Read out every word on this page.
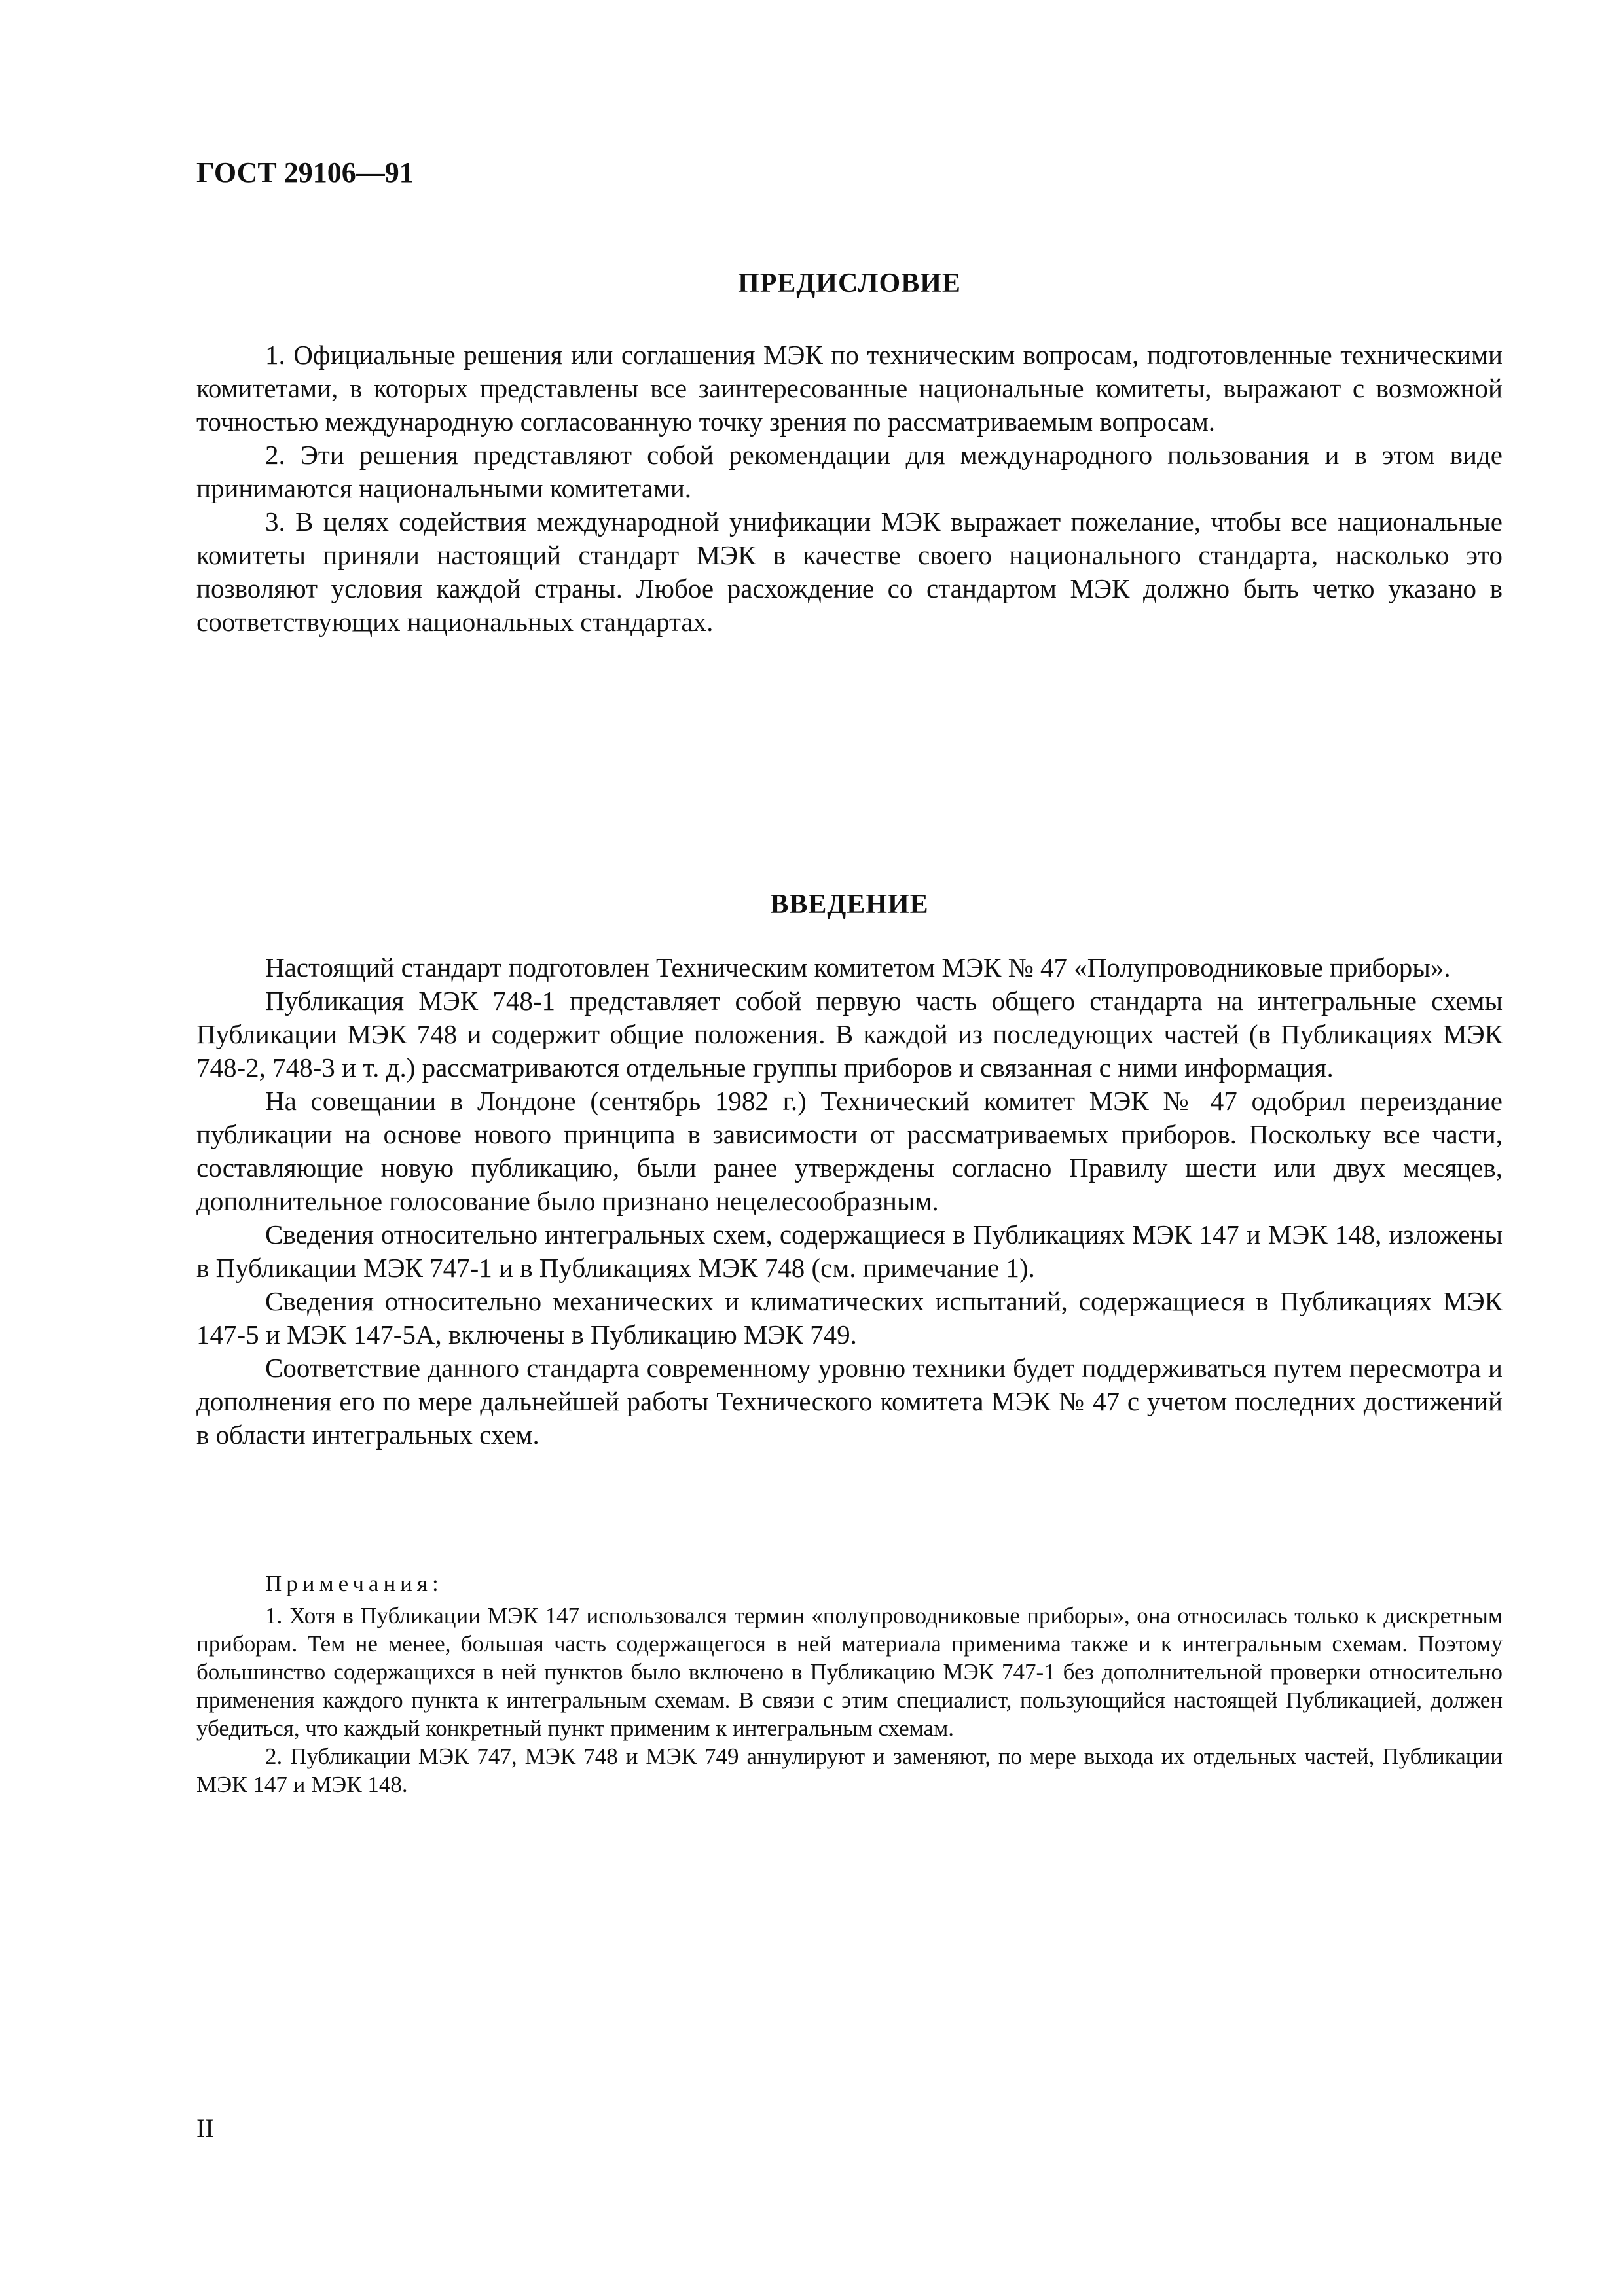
ГОСТ 29106—91

ПРЕДИСЛОВИЕ

1. Официальные решения или соглашения МЭК по техническим вопросам, подготовленные техническими комитетами, в которых представлены все заинтересованные национальные комитеты, выражают с возможной точностью международную согласованную точку зрения по рассматриваемым вопросам.

2. Эти решения представляют собой рекомендации для международного пользования и в этом виде принимаются национальными комитетами.

3. В целях содействия международной унификации МЭК выражает пожелание, чтобы все национальные комитеты приняли настоящий стандарт МЭК в качестве своего национального стандарта, насколько это позволяют условия каждой страны. Любое расхождение со стандартом МЭК должно быть четко указано в соответствующих национальных стандартах.

ВВЕДЕНИЕ

Настоящий стандарт подготовлен Техническим комитетом МЭК № 47 «Полупроводниковые приборы».

Публикация МЭК 748-1 представляет собой первую часть общего стандарта на интегральные схемы Публикации МЭК 748 и содержит общие положения. В каждой из последующих частей (в Публикациях МЭК 748-2, 748-3 и т. д.) рассматриваются отдельные группы приборов и связанная с ними информация.

На совещании в Лондоне (сентябрь 1982 г.) Технический комитет МЭК № 47 одобрил переиздание публикации на основе нового принципа в зависимости от рассматриваемых приборов. Поскольку все части, составляющие новую публикацию, были ранее утверждены согласно Правилу шести или двух месяцев, дополнительное голосование было признано нецелесообразным.

Сведения относительно интегральных схем, содержащиеся в Публикациях МЭК 147 и МЭК 148, изложены в Публикации МЭК 747-1 и в Публикациях МЭК 748 (см. примечание 1).

Сведения относительно механических и климатических испытаний, содержащиеся в Публикациях МЭК 147-5 и МЭК 147-5А, включены в Публикацию МЭК 749.

Соответствие данного стандарта современному уровню техники будет поддерживаться путем пересмотра и дополнения его по мере дальнейшей работы Технического комитета МЭК № 47 с учетом последних достижений в области интегральных схем.

Примечания:

1. Хотя в Публикации МЭК 147 использовался термин «полупроводниковые приборы», она относилась только к дискретным приборам. Тем не менее, большая часть содержащегося в ней материала применима также и к интегральным схемам. Поэтому большинство содержащихся в ней пунктов было включено в Публикацию МЭК 747-1 без дополнительной проверки относительно применения каждого пункта к интегральным схемам. В связи с этим специалист, пользующийся настоящей Публикацией, должен убедиться, что каждый конкретный пункт применим к интегральным схемам.

2. Публикации МЭК 747, МЭК 748 и МЭК 749 аннулируют и заменяют, по мере выхода их отдельных частей, Публикации МЭК 147 и МЭК 148.

II
